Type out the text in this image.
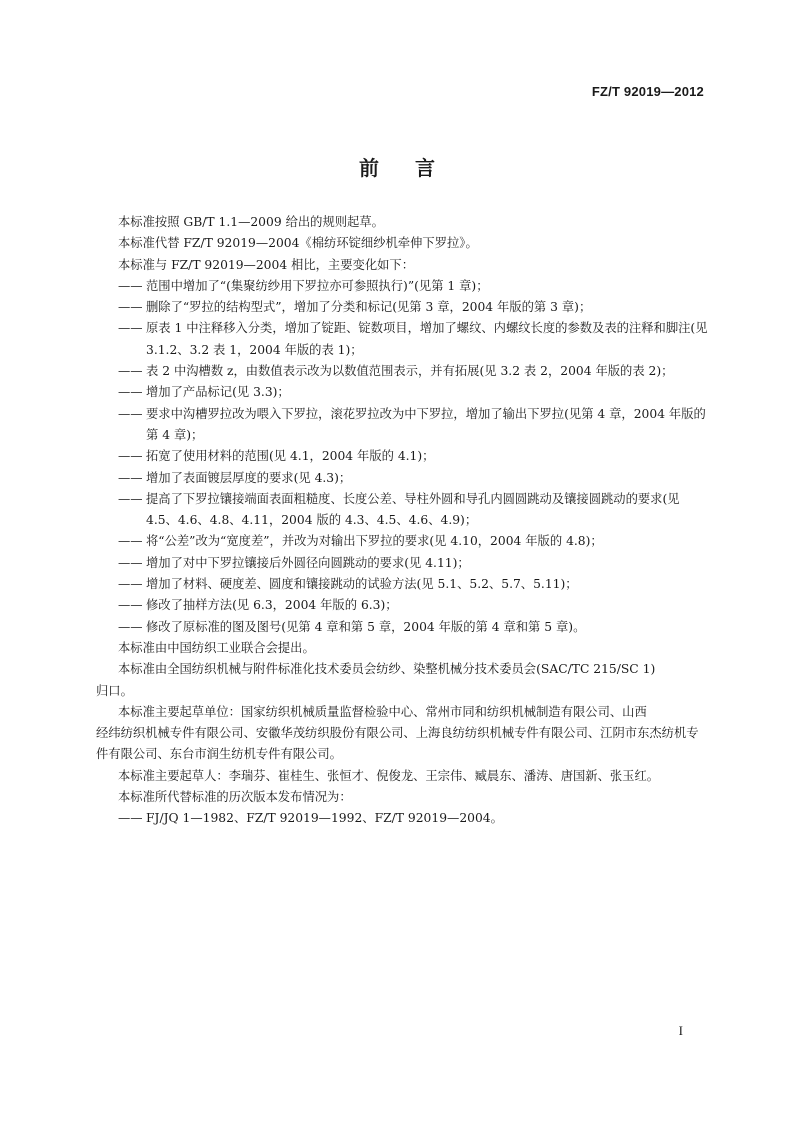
FZ/T 92019—2012
前言

本标准按照 GB/T 1.1—2009 给出的规则起草。

本标准代替 FZ/T 92019—2004《棉纺环锭细纱机牵伸下罗拉》。

本标准与 FZ/T 92019—2004 相比，主要变化如下：

—— 范围中增加了“(集聚纺纱用下罗拉亦可参照执行)”(见第 1 章)；

—— 删除了“罗拉的结构型式”，增加了分类和标记(见第 3 章，2004 年版的第 3 章)；

—— 原表 1 中注释移入分类，增加了锭距、锭数项目，增加了螺纹、内螺纹长度的参数及表的注释和脚注(见 3.1.2、3.2 表 1，2004 年版的表 1)；

—— 表 2 中沟槽数 z，由数值表示改为以数值范围表示，并有拓展(见 3.2 表 2，2004 年版的表 2)；

—— 增加了产品标记(见 3.3)；

—— 要求中沟槽罗拉改为喂入下罗拉，滚花罗拉改为中下罗拉，增加了输出下罗拉(见第 4 章，2004 年版的第 4 章)；

—— 拓宽了使用材料的范围(见 4.1，2004 年版的 4.1)；

—— 增加了表面镀层厚度的要求(见 4.3)；

—— 提高了下罗拉镶接端面表面粗糙度、长度公差、导柱外圆和导孔内圆圆跳动及镶接圆跳动的要求(见 4.5、4.6、4.8、4.11，2004 版的 4.3、4.5、4.6、4.9)；

—— 将“公差”改为“宽度差”，并改为对输出下罗拉的要求(见 4.10，2004 年版的 4.8)；

—— 增加了对中下罗拉镶接后外圆径向圆跳动的要求(见 4.11)；

—— 增加了材料、硬度差、圆度和镶接跳动的试验方法(见 5.1、5.2、5.7、5.11)；

—— 修改了抽样方法(见 6.3，2004 年版的 6.3)；

—— 修改了原标准的图及图号(见第 4 章和第 5 章，2004 年版的第 4 章和第 5 章)。

本标准由中国纺织工业联合会提出。

本标准由全国纺织机械与附件标准化技术委员会纺纱、染整机械分技术委员会(SAC/TC 215/SC 1)

归口。

本标准主要起草单位：国家纺织机械质量监督检验中心、常州市同和纺织机械制造有限公司、山西

经纬纺织机械专件有限公司、安徽华茂纺织股份有限公司、上海良纺纺织机械专件有限公司、江阴市东杰纺机专件有限公司、东台市润生纺机专件有限公司。

本标准主要起草人：李瑞芬、崔桂生、张恒才、倪俊龙、王宗伟、臧晨东、潘涛、唐国新、张玉红。

本标准所代替标准的历次版本发布情况为：

—— FJ/JQ 1—1982、FZ/T 92019—1992、FZ/T 92019—2004。

I
